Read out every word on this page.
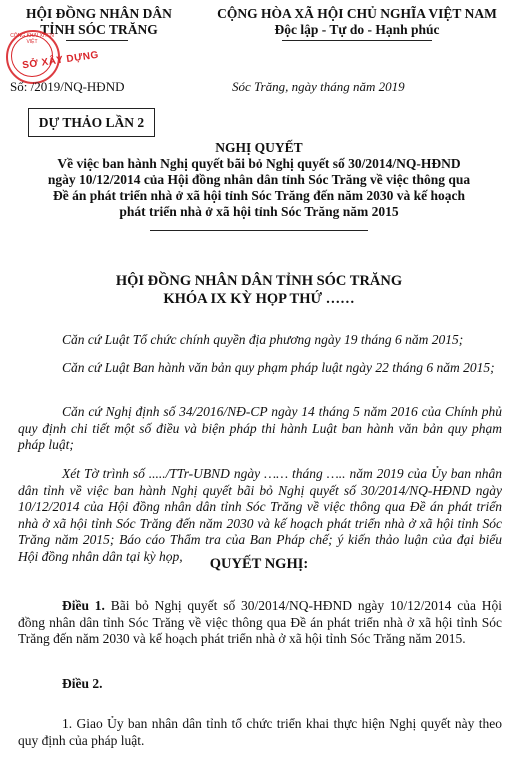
HỘI ĐỒNG NHÂN DÂN
TỈNH SÓC TRĂNG
CÔNG KHAI XHCN VIỆT
SỞ XÂY DỰNG
CỘNG HÒA XÃ HỘI CHỦ NGHĨA VIỆT NAM
Độc lập - Tự do - Hạnh phúc
Số: /2019/NQ-HĐND	Sóc Trăng, ngày tháng năm 2019
DỰ THẢO LẦN 2
NGHỊ QUYẾT
Về việc ban hành Nghị quyết bãi bỏ Nghị quyết số 30/2014/NQ-HĐND
ngày 10/12/2014 của Hội đồng nhân dân tỉnh Sóc Trăng về việc thông qua
Đề án phát triển nhà ở xã hội tỉnh Sóc Trăng đến năm 2030 và kế hoạch
phát triển nhà ở xã hội tỉnh Sóc Trăng năm 2015
HỘI ĐỒNG NHÂN DÂN TỈNH SÓC TRĂNG
KHÓA IX KỲ HỌP THỨ ……
Căn cứ Luật Tổ chức chính quyền địa phương ngày 19 tháng 6 năm 2015;
Căn cứ Luật Ban hành văn bản quy phạm pháp luật ngày 22 tháng 6 năm 2015;
Căn cứ Nghị định số 34/2016/NĐ-CP ngày 14 tháng 5 năm 2016 của Chính phủ quy định chi tiết một số điều và biện pháp thi hành Luật ban hành văn bản quy phạm pháp luật;
Xét Tờ trình số ...../TTr-UBND ngày …… tháng ….. năm 2019 của Ủy ban nhân dân tỉnh về việc ban hành Nghị quyết bãi bỏ Nghị quyết số 30/2014/NQ-HĐND ngày 10/12/2014 của Hội đồng nhân dân tỉnh Sóc Trăng về việc thông qua Đề án phát triển nhà ở xã hội tỉnh Sóc Trăng đến năm 2030 và kế hoạch phát triển nhà ở xã hội tỉnh Sóc Trăng năm 2015; Báo cáo Thẩm tra của Ban Pháp chế; ý kiến thảo luận của đại biểu Hội đồng nhân dân tại kỳ họp,	QUYẾT NGHỊ:
Điều 1. Bãi bỏ Nghị quyết số 30/2014/NQ-HĐND ngày 10/12/2014 của Hội đồng nhân dân tỉnh Sóc Trăng về việc thông qua Đề án phát triển nhà ở xã hội tỉnh Sóc Trăng đến năm 2030 và kế hoạch phát triển nhà ở xã hội tỉnh Sóc Trăng năm 2015.
Điều 2.
1. Giao Ủy ban nhân dân tỉnh tổ chức triển khai thực hiện Nghị quyết này theo quy định của pháp luật.
